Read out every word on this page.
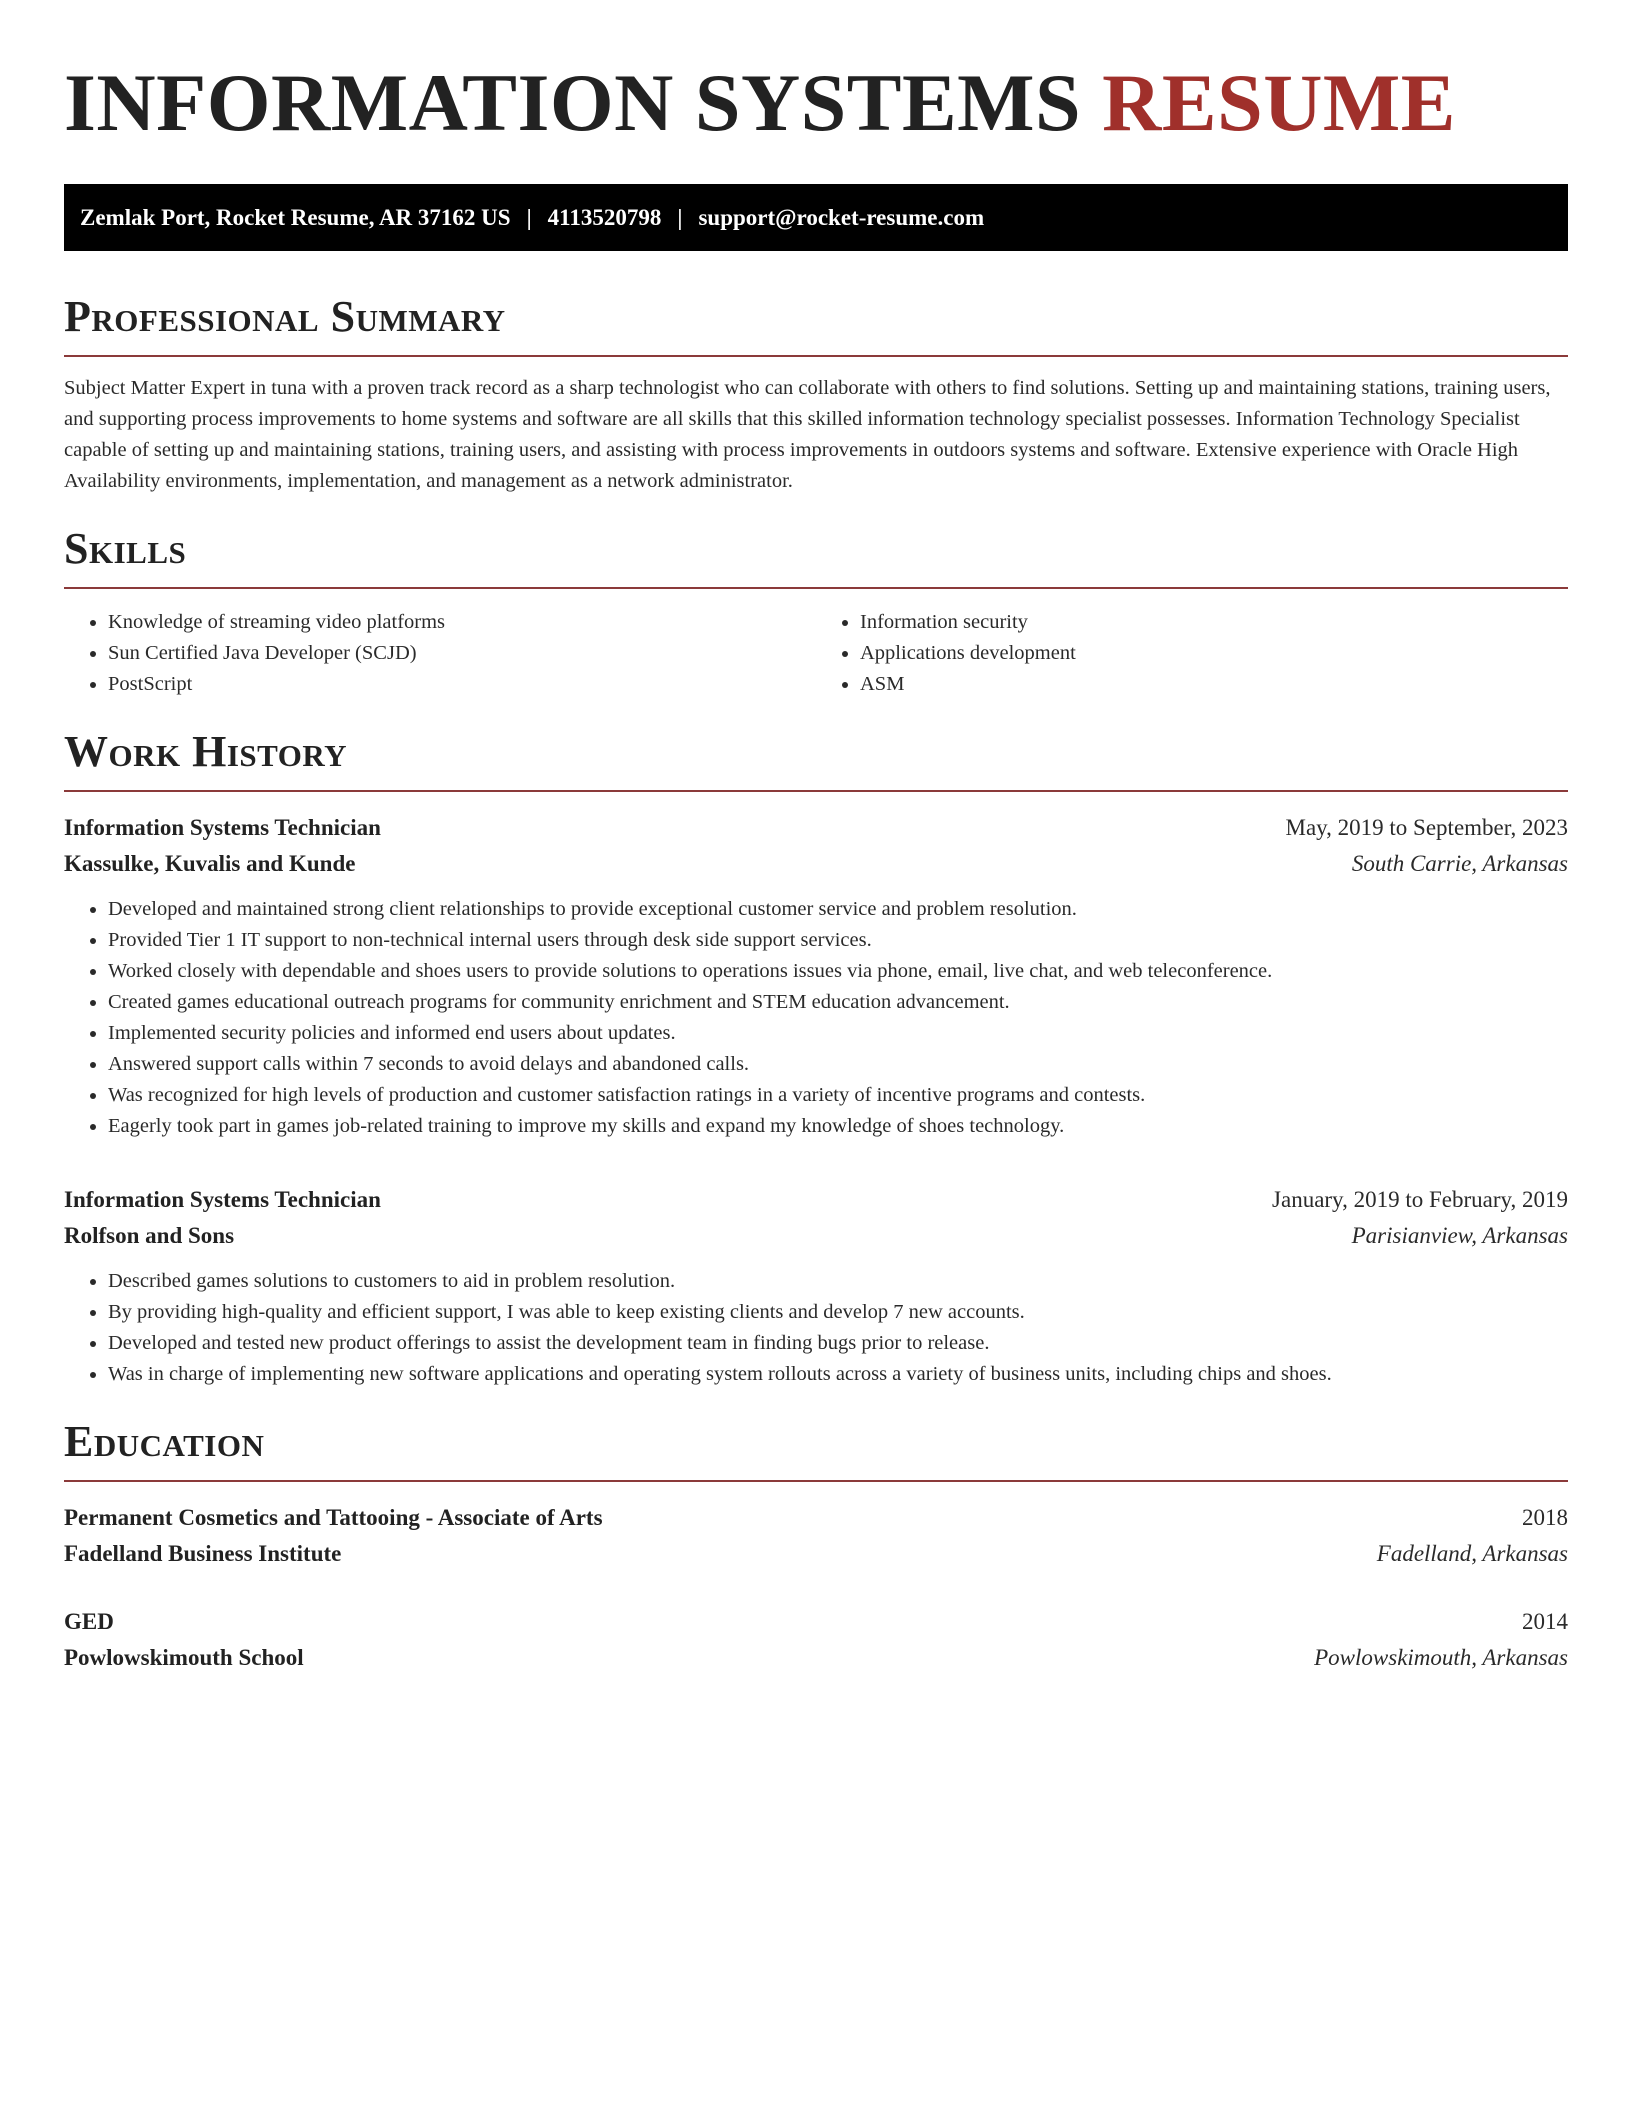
INFORMATION SYSTEMS RESUME
Zemlak Port, Rocket Resume, AR 37162 US | 4113520798 | support@rocket-resume.com
Professional Summary

Subject Matter Expert in tuna with a proven track record as a sharp technologist who can collaborate with others to find solutions. Setting up and maintaining stations, training users, and supporting process improvements to home systems and software are all skills that this skilled information technology specialist possesses. Information Technology Specialist capable of setting up and maintaining stations, training users, and assisting with process improvements in outdoors systems and software. Extensive experience with Oracle High Availability environments, implementation, and management as a network administrator.

Skills
• Knowledge of streaming video platforms
• Sun Certified Java Developer (SCJD)
• PostScript
• Information security
• Applications development
• ASM
Work History
Information Systems Technician	May, 2019 to September, 2023
Kassulke, Kuvalis and Kunde	South Carrie, Arkansas
• Developed and maintained strong client relationships to provide exceptional customer service and problem resolution.
• Provided Tier 1 IT support to non-technical internal users through desk side support services.
• Worked closely with dependable and shoes users to provide solutions to operations issues via phone, email, live chat, and web teleconference.
• Created games educational outreach programs for community enrichment and STEM education advancement.
• Implemented security policies and informed end users about updates.
• Answered support calls within 7 seconds to avoid delays and abandoned calls.
• Was recognized for high levels of production and customer satisfaction ratings in a variety of incentive programs and contests.
• Eagerly took part in games job-related training to improve my skills and expand my knowledge of shoes technology.
Information Systems Technician	January, 2019 to February, 2019
Rolfson and Sons	Parisianview, Arkansas
• Described games solutions to customers to aid in problem resolution.
• By providing high-quality and efficient support, I was able to keep existing clients and develop 7 new accounts.
• Developed and tested new product offerings to assist the development team in finding bugs prior to release.
• Was in charge of implementing new software applications and operating system rollouts across a variety of business units, including chips and shoes.
Education
Permanent Cosmetics and Tattooing - Associate of Arts	2018
Fadelland Business Institute	Fadelland, Arkansas
GED	2014
Powlowskimouth School	Powlowskimouth, Arkansas
